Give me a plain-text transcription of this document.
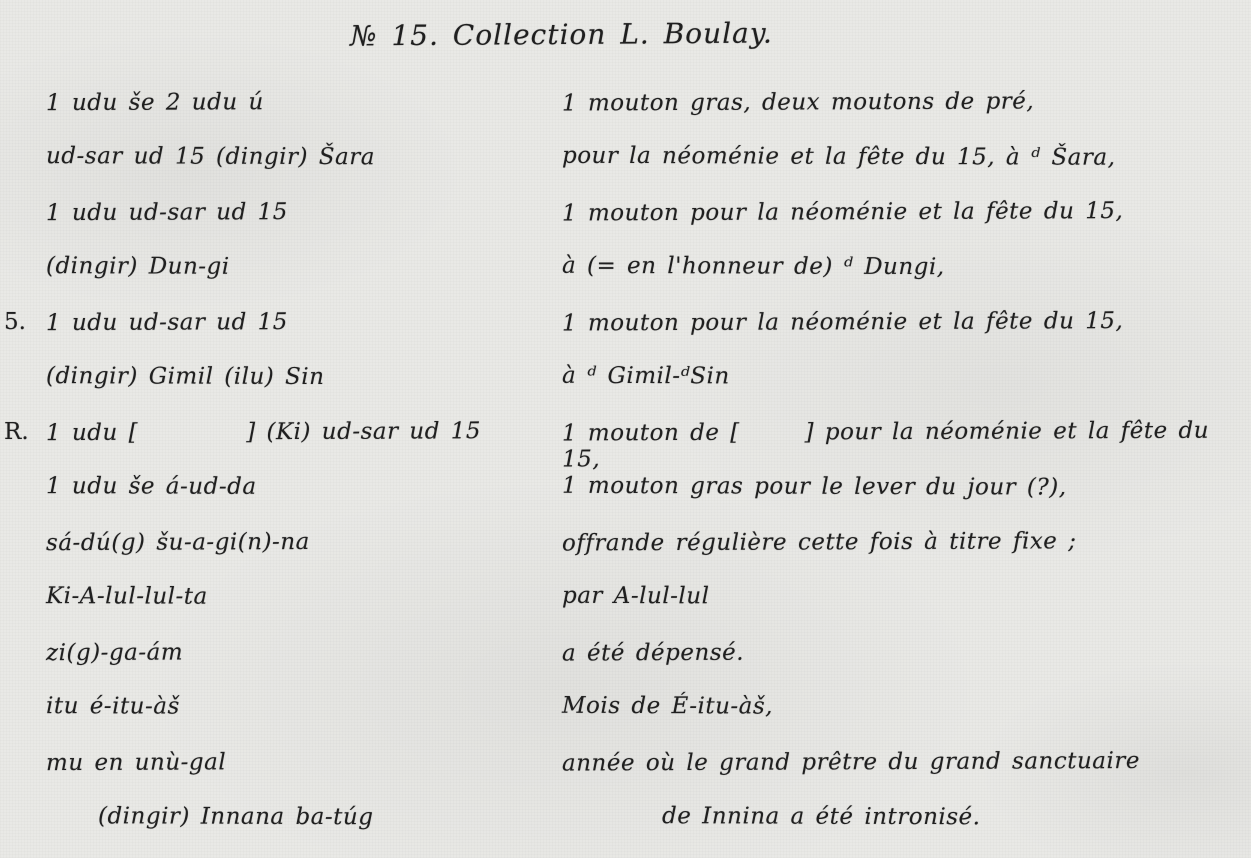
№ 15. Collection L. Boulay.
1 udu še 2 udu ú	1 mouton gras, deux moutons de pré,
ud-sar ud 15 (dingir) Šara	pour la néoménie et la fête du 15, à ᵈ Šara,
1 udu ud-sar ud 15	1 mouton pour la néoménie et la fête du 15,
(dingir) Dun-gi	à (= en l'honneur de) ᵈ Dungi,
5. 1 udu ud-sar ud 15	1 mouton pour la néoménie et la fête du 15,
(dingir) Gimil (ilu) Sin	à ᵈ Gimil-ᵈSin
R. 1 udu [          ] (Ki) ud-sar ud 15	1 mouton de [      ] pour la néoménie et la fête du 15,
1 udu še á-ud-da	1 mouton gras pour le lever du jour (?),
sá-dú(g) šu-a-gi(n)-na	offrande régulière cette fois à titre fixe ;
Ki-A-lul-lul-ta	par A-lul-lul
zi(g)-ga-ám	a été dépensé.
itu é-itu-àš	Mois de É-itu-àš,
mu en unù-gal	année où le grand prêtre du grand sanctuaire
(dingir) Innana ba-túg	de Innina a été intronisé.
